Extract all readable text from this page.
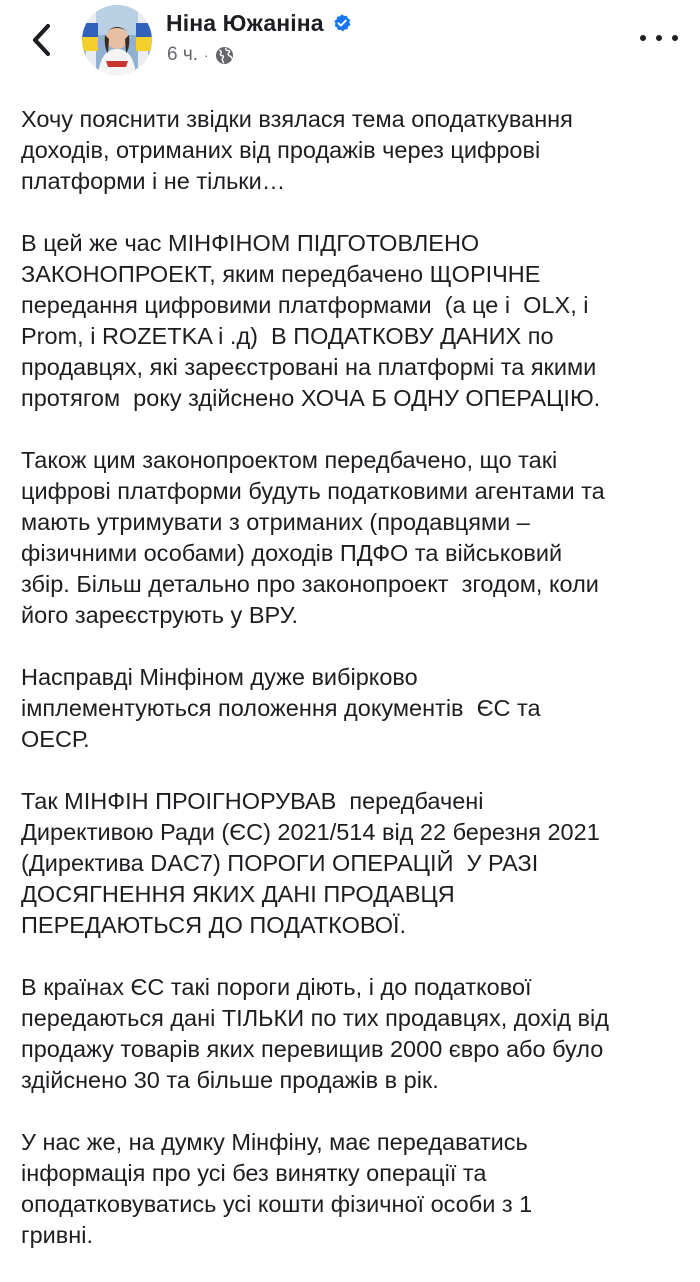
Ніна Южаніна
6 ч. ·

Хочу пояснити звідки взялася тема оподаткування
доходів, отриманих від продажів через цифрові
платформи і не тільки…

В цей же час МІНФІНОМ ПІДГОТОВЛЕНО
ЗАКОНОПРОЕКТ, яким передбачено ЩОРІЧНЕ
передання цифровими платформами  (а це і  OLX, і
Prom, і ROZETKA і .д)  В ПОДАТКОВУ ДАНИХ по
продавцях, які зареєстровані на платформі та якими
протягом  року здійснено ХОЧА Б ОДНУ ОПЕРАЦІЮ.

Також цим законопроектом передбачено, що такі
цифрові платформи будуть податковими агентами та
мають утримувати з отриманих (продавцями –
фізичними особами) доходів ПДФО та військовий
збір. Більш детально про законопроект  згодом, коли
його зареєструють у ВРУ.

Насправді Мінфіном дуже вибірково
імплементуються положення документів  ЄС та
ОЕСР.

Так МІНФІН ПРОІГНОРУВАВ  передбачені
Директивою Ради (ЄС) 2021/514 від 22 березня 2021
(Директива DAC7) ПОРОГИ ОПЕРАЦІЙ  У РАЗІ
ДОСЯГНЕННЯ ЯКИХ ДАНІ ПРОДАВЦЯ
ПЕРЕДАЮТЬСЯ ДО ПОДАТКОВОЇ.

В країнах ЄС такі пороги діють, і до податкової
передаються дані ТІЛЬКИ по тих продавцях, дохід від
продажу товарів яких перевищив 2000 євро або було
здійснено 30 та більше продажів в рік.

У нас же, на думку Мінфіну, має передаватись
інформація про усі без винятку операції та
оподатковуватись усі кошти фізичної особи з 1
гривні.
